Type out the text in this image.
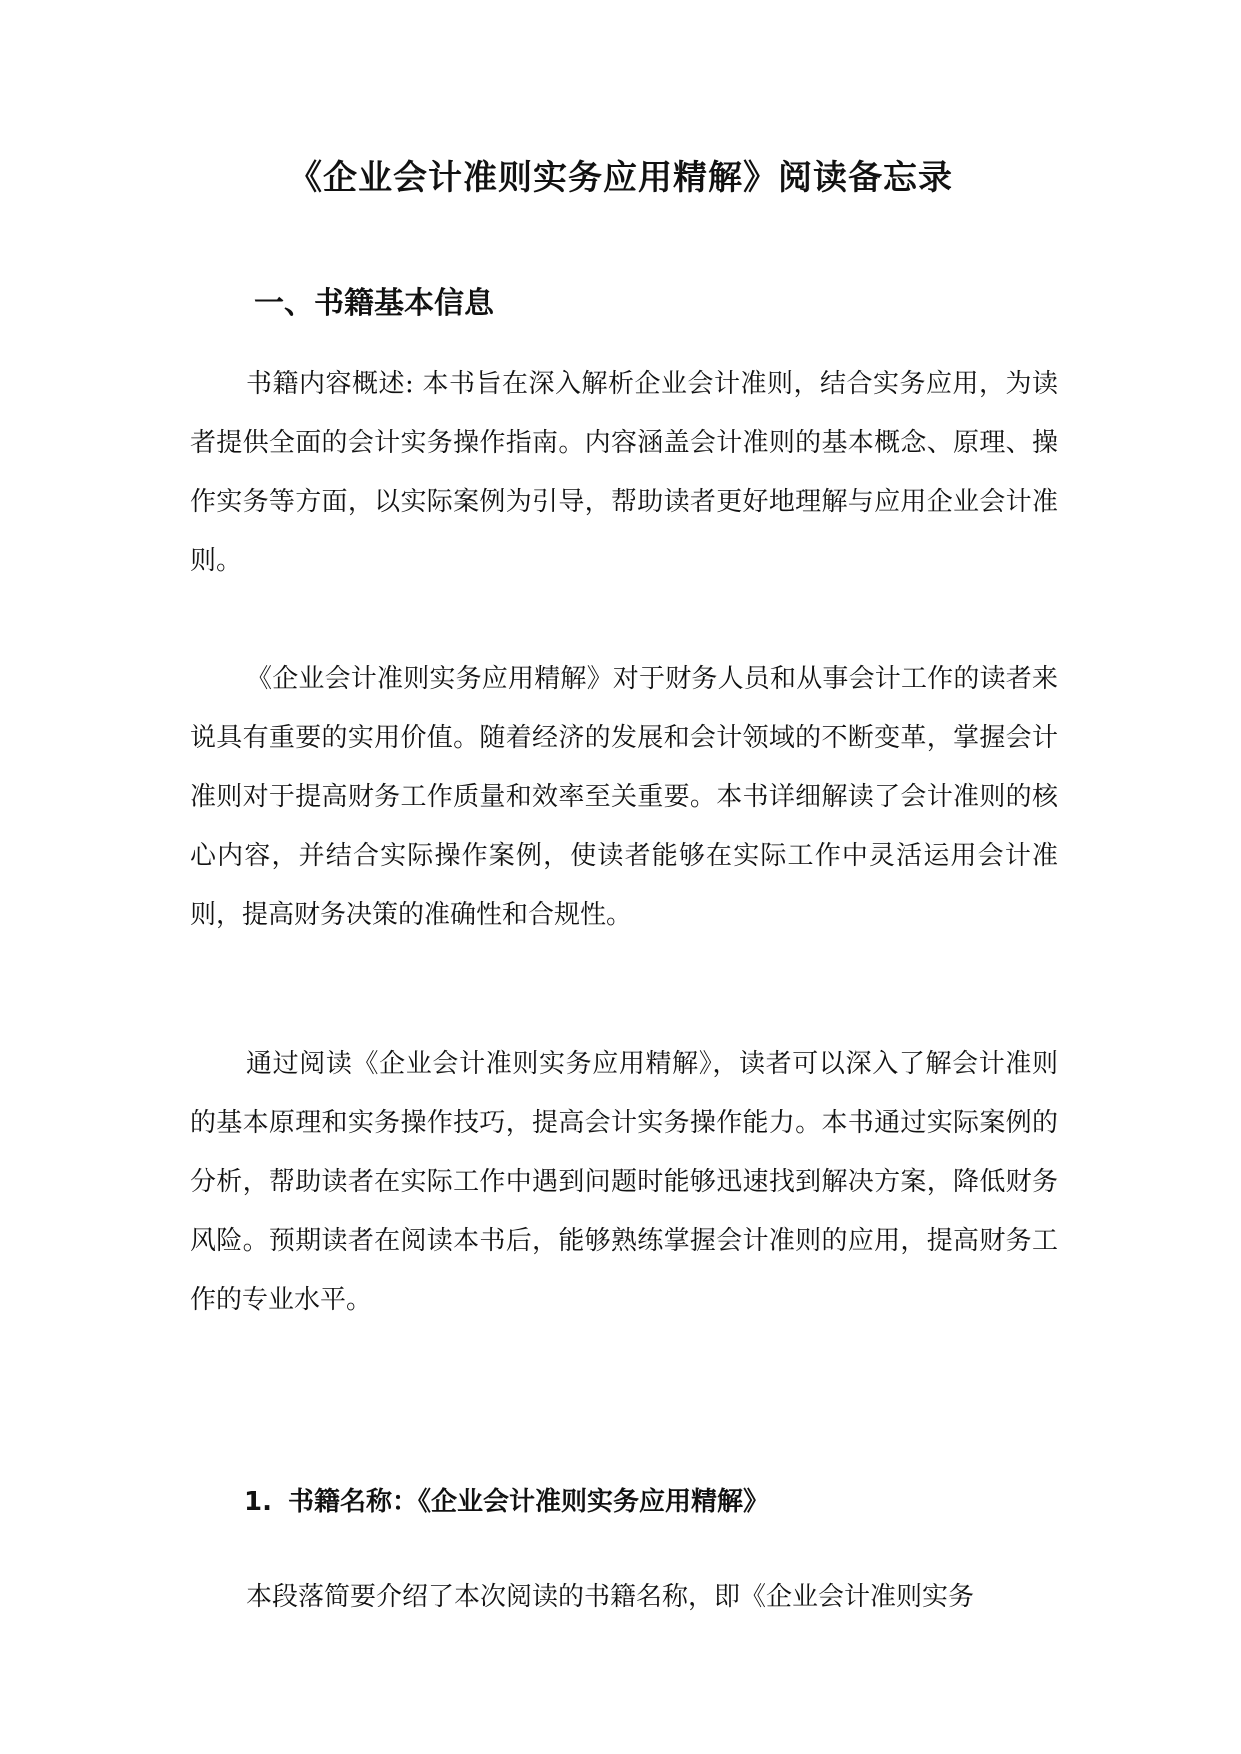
《企业会计准则实务应用精解》阅读备忘录
一、书籍基本信息

书籍内容概述: 本书旨在深入解析企业会计准则，结合实务应用，为读者提供全面的会计实务操作指南。内容涵盖会计准则的基本概念、原理、操作实务等方面，以实际案例为引导，帮助读者更好地理解与应用企业会计准则。

《企业会计准则实务应用精解》对于财务人员和从事会计工作的读者来说具有重要的实用价值。随着经济的发展和会计领域的不断变革，掌握会计准则对于提高财务工作质量和效率至关重要。本书详细解读了会计准则的核心内容，并结合实际操作案例，使读者能够在实际工作中灵活运用会计准则，提高财务决策的准确性和合规性。

通过阅读《企业会计准则实务应用精解》，读者可以深入了解会计准则的基本原理和实务操作技巧，提高会计实务操作能力。本书通过实际案例的分析，帮助读者在实际工作中遇到问题时能够迅速找到解决方案，降低财务风险。预期读者在阅读本书后，能够熟练掌握会计准则的应用，提高财务工作的专业水平。

1. 书籍名称：《企业会计准则实务应用精解》

本段落简要介绍了本次阅读的书籍名称，即《企业会计准则实务
